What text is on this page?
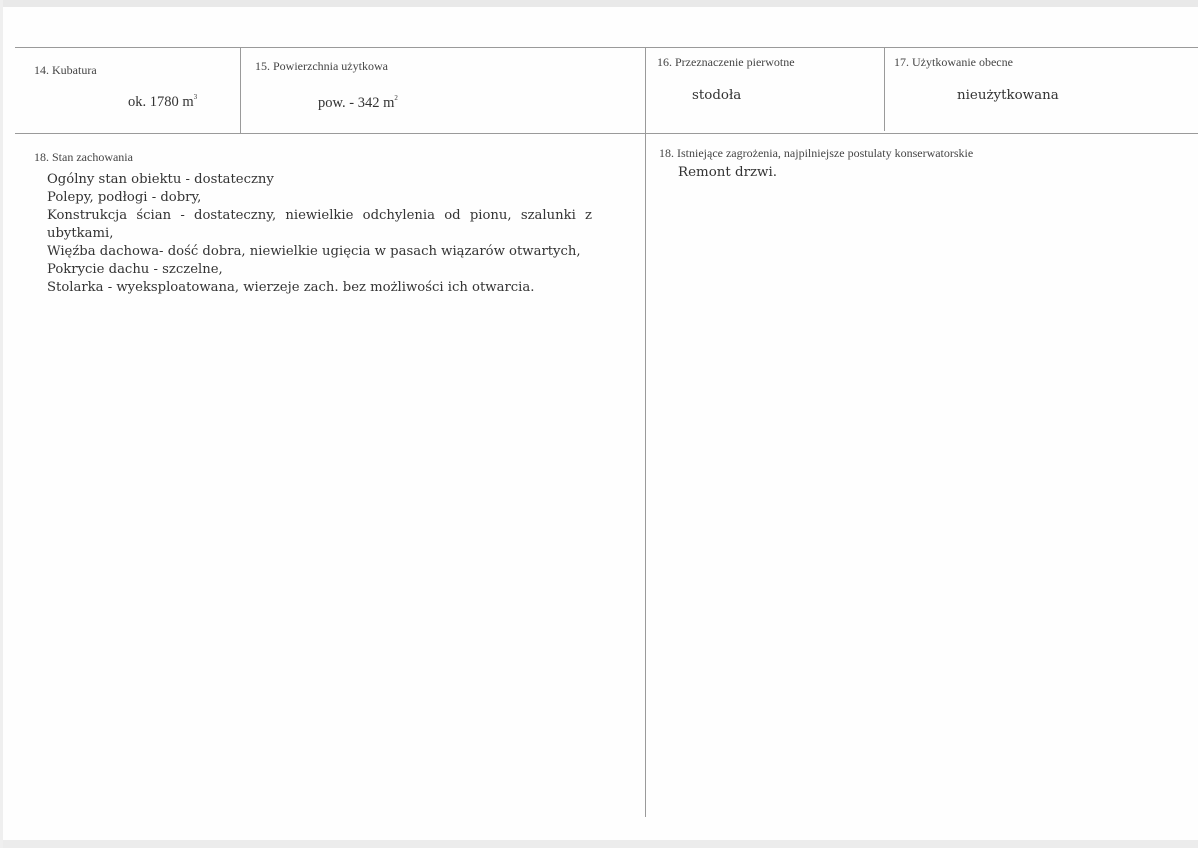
14. Kubatura
ok. 1780 $m^3$
15. Powierzchnia użytkowa
pow. - 342 $m^2$
16. Przeznaczenie pierwotne
stodoła
17. Użytkowanie obecne
nieużytkowana
18. Stan zachowania
Ogólny stan obiektu - dostateczny
Polepy, podłogi - dobry,
Konstrukcja ścian - dostateczny, niewielkie odchylenia od pionu, szalunki z ubytkami,
Więźba dachowa- dość dobra, niewielkie ugięcia w pasach wiązarów otwartych,
Pokrycie dachu - szczelne,
Stolarka - wyeksploatowana, wierzeje zach. bez możliwości ich otwarcia.
18. Istniejące zagrożenia, najpilniejsze postulaty konserwatorskie
Remont drzwi.
